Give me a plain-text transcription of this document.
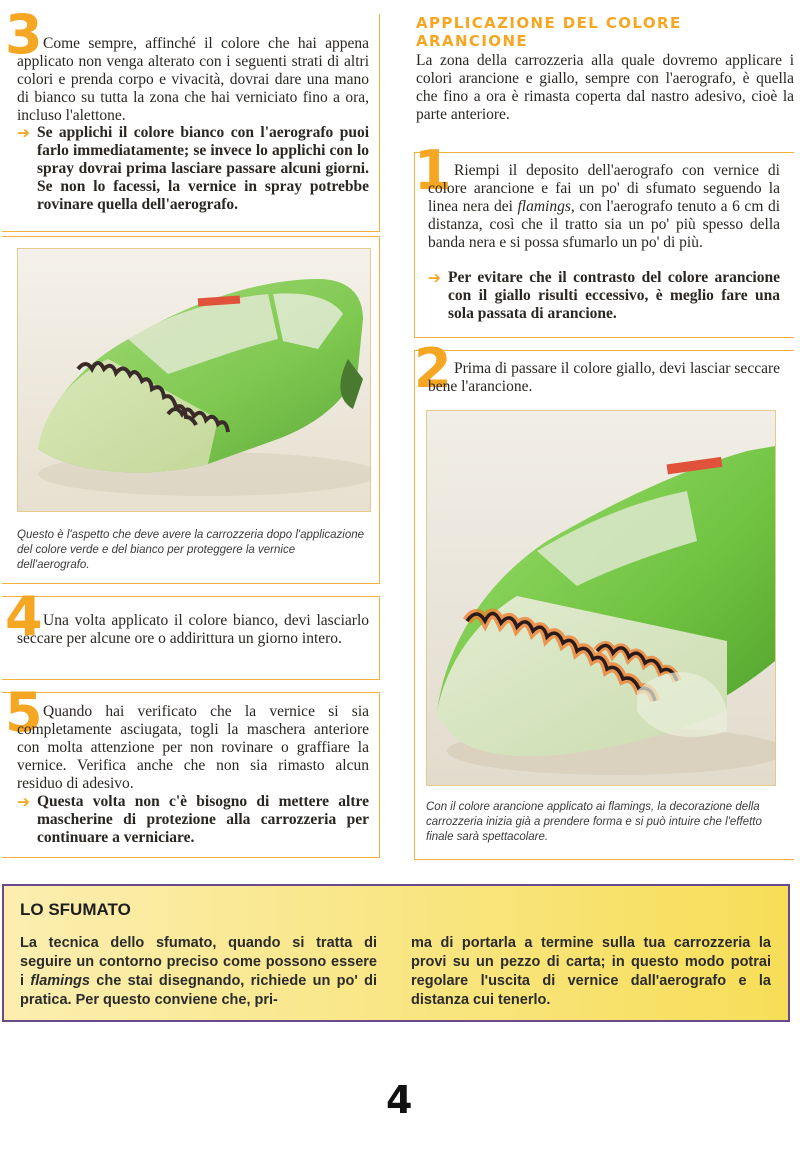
3 Come sempre, affinché il colore che hai appena applicato non venga alterato con i seguenti strati di altri colori e prenda corpo e vivacità, dovrai dare una mano di bianco su tutta la zona che hai verniciato fino a ora, incluso l'alettone.
➔ Se applichi il colore bianco con l'aerografo puoi farlo immediatamente; se invece lo applichi con lo spray dovrai prima lasciare passare alcuni giorni. Se non lo facessi, la vernice in spray potrebbe rovinare quella dell'aerografo.
Questo è l'aspetto che deve avere la carrozzeria dopo l'applicazione del colore verde e del bianco per proteggere la vernice dell'aerografo.
4 Una volta applicato il colore bianco, devi lasciarlo seccare per alcune ore o addirittura un giorno intero.
5 Quando hai verificato che la vernice si sia completamente asciugata, togli la maschera anteriore con molta attenzione per non rovinare o graffiare la vernice. Verifica anche che non sia rimasto alcun residuo di adesivo.
➔ Questa volta non c'è bisogno di mettere altre mascherine di protezione alla carrozzeria per continuare a verniciare.
APPLICAZIONE DEL COLORE ARANCIONE
La zona della carrozzeria alla quale dovremo applicare i colori arancione e giallo, sempre con l'aerografo, è quella che fino a ora è rimasta coperta dal nastro adesivo, cioè la parte anteriore.
1 Riempi il deposito dell'aerografo con vernice di colore arancione e fai un po' di sfumato seguendo la linea nera dei flamings, con l'aerografo tenuto a 6 cm di distanza, così che il tratto sia un po' più spesso della banda nera e si possa sfumarlo un po' di più.
➔ Per evitare che il contrasto del colore arancione con il giallo risulti eccessivo, è meglio fare una sola passata di arancione.
2 Prima di passare il colore giallo, devi lasciar seccare bene l'arancione.
Con il colore arancione applicato ai flamings, la decorazione della carrozzeria inizia già a prendere forma e si può intuire che l'effetto finale sarà spettacolare.
LO SFUMATO
La tecnica dello sfumato, quando si tratta di seguire un contorno preciso come possono essere i flamings che stai disegnando, richiede un po' di pratica. Per questo conviene che, pri-
ma di portarla a termine sulla tua carrozzeria la provi su un pezzo di carta; in questo modo potrai regolare l'uscita di vernice dall'aerografo e la distanza cui tenerlo.
4
